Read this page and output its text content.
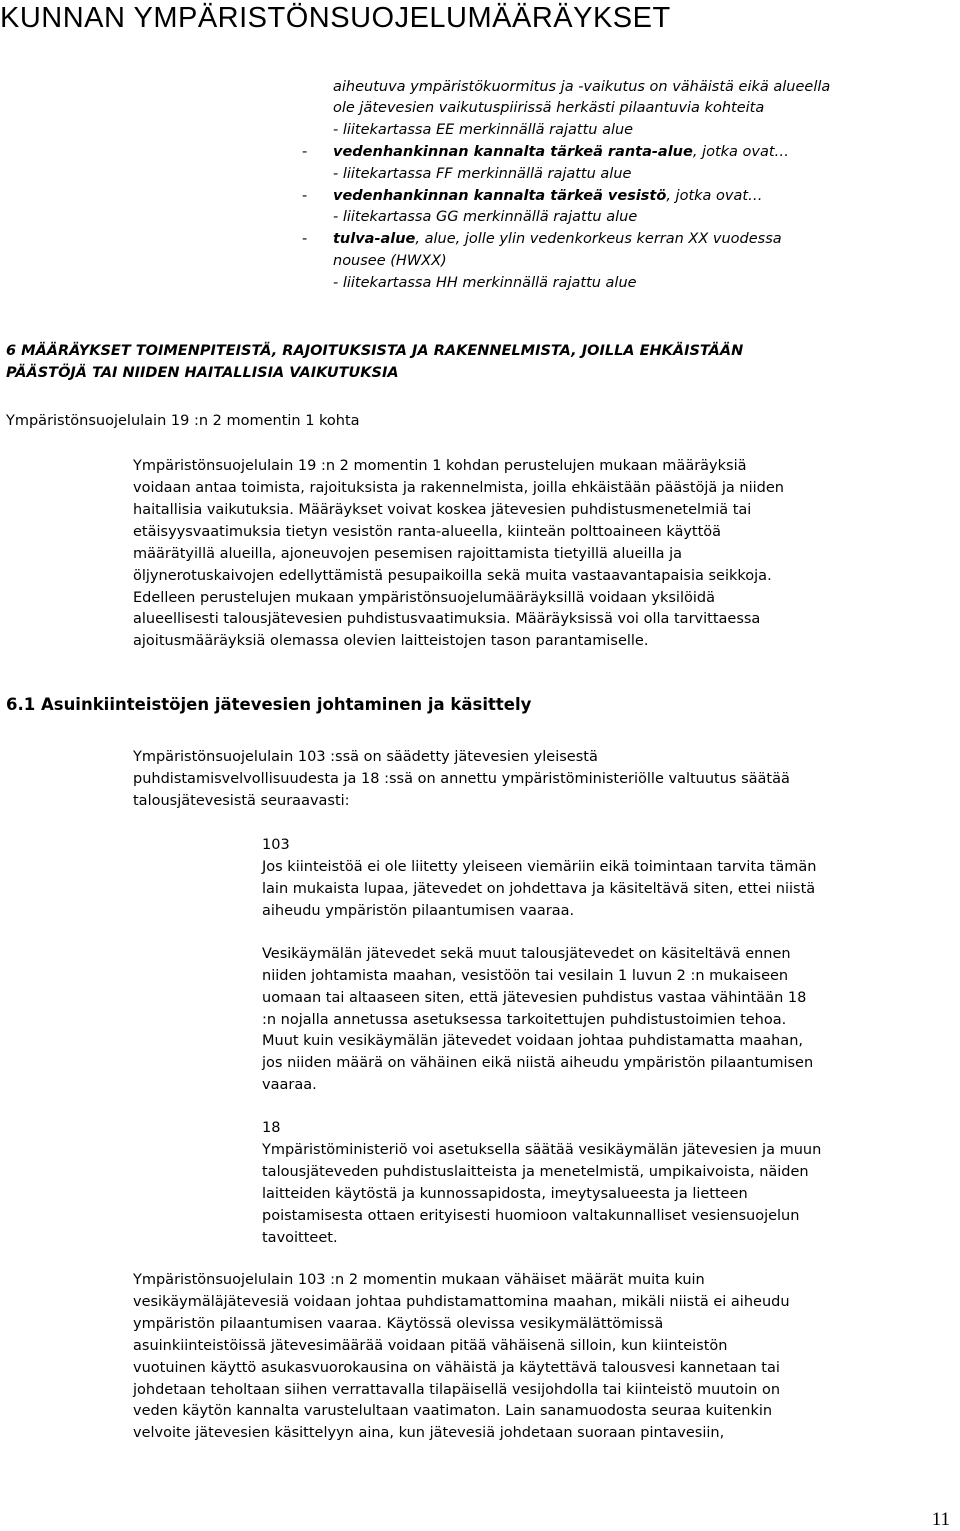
KUNNAN YMPÄRISTÖNSUOJELUMÄÄRÄYKSET
aiheutuva ympäristökuormitus ja -vaikutus on vähäistä eikä alueella
ole jätevesien vaikutuspiirissä herkästi pilaantuvia kohteita
- liitekartassa EE merkinnällä rajattu alue
- vedenhankinnan kannalta tärkeä ranta-alue, jotka ovat…
- liitekartassa FF merkinnällä rajattu alue
- vedenhankinnan kannalta tärkeä vesistö, jotka ovat…
- liitekartassa GG merkinnällä rajattu alue
- tulva-alue, alue, jolle ylin vedenkorkeus kerran XX vuodessa
nousee (HWXX)
- liitekartassa HH merkinnällä rajattu alue
6 MÄÄRÄYKSET TOIMENPITEISTÄ, RAJOITUKSISTA JA RAKENNELMISTA, JOILLA EHKÄISTÄÄN
PÄÄSTÖJÄ TAI NIIDEN HAITALLISIA VAIKUTUKSIA
Ympäristönsuojelulain 19 :n 2 momentin 1 kohta
Ympäristönsuojelulain 19 :n 2 momentin 1 kohdan perustelujen mukaan määräyksiä
voidaan antaa toimista, rajoituksista ja rakennelmista, joilla ehkäistään päästöjä ja niiden
haitallisia vaikutuksia. Määräykset voivat koskea jätevesien puhdistusmenetelmiä tai
etäisyysvaatimuksia tietyn vesistön ranta-alueella, kiinteän polttoaineen käyttöä
määrätyillä alueilla, ajoneuvojen pesemisen rajoittamista tietyillä alueilla ja
öljynerotuskaivojen edellyttämistä pesupaikoilla sekä muita vastaavantapaisia seikkoja.
Edelleen perustelujen mukaan ympäristönsuojelumääräyksillä voidaan yksilöidä
alueellisesti talousjätevesien puhdistusvaatimuksia. Määräyksissä voi olla tarvittaessa
ajoitusmääräyksiä olemassa olevien laitteistojen tason parantamiselle.
6.1 Asuinkiinteistöjen jätevesien johtaminen ja käsittely
Ympäristönsuojelulain 103 :ssä on säädetty jätevesien yleisestä
puhdistamisvelvollisuudesta ja 18 :ssä on annettu ympäristöministeriölle valtuutus säätää
talousjätevesistä seuraavasti:
103
Jos kiinteistöä ei ole liitetty yleiseen viemäriin eikä toimintaan tarvita tämän
lain mukaista lupaa, jätevedet on johdettava ja käsiteltävä siten, ettei niistä
aiheudu ympäristön pilaantumisen vaaraa.
Vesikäymälän jätevedet sekä muut talousjätevedet on käsiteltävä ennen
niiden johtamista maahan, vesistöön tai vesilain 1 luvun 2 :n mukaiseen
uomaan tai altaaseen siten, että jätevesien puhdistus vastaa vähintään 18
:n nojalla annetussa asetuksessa tarkoitettujen puhdistustoimien tehoa.
Muut kuin vesikäymälän jätevedet voidaan johtaa puhdistamatta maahan,
jos niiden määrä on vähäinen eikä niistä aiheudu ympäristön pilaantumisen
vaaraa.
18
Ympäristöministeriö voi asetuksella säätää vesikäymälän jätevesien ja muun
talousjäteveden puhdistuslaitteista ja menetelmistä, umpikaivoista, näiden
laitteiden käytöstä ja kunnossapidosta, imeytysalueesta ja lietteen
poistamisesta ottaen erityisesti huomioon valtakunnalliset vesiensuojelun
tavoitteet.
Ympäristönsuojelulain 103 :n 2 momentin mukaan vähäiset määrät muita kuin
vesikäymäläjätevesiä voidaan johtaa puhdistamattomina maahan, mikäli niistä ei aiheudu
ympäristön pilaantumisen vaaraa. Käytössä olevissa vesikymälättömissä
asuinkiinteistöissä jätevesimäärää voidaan pitää vähäisenä silloin, kun kiinteistön
vuotuinen käyttö asukasvuorokausina on vähäistä ja käytettävä talousvesi kannetaan tai
johdetaan teholtaan siihen verrattavalla tilapäisellä vesijohdolla tai kiinteistö muutoin on
veden käytön kannalta varustelultaan vaatimaton. Lain sanamuodosta seuraa kuitenkin
velvoite jätevesien käsittelyyn aina, kun jätevesiä johdetaan suoraan pintavesiin,
11
